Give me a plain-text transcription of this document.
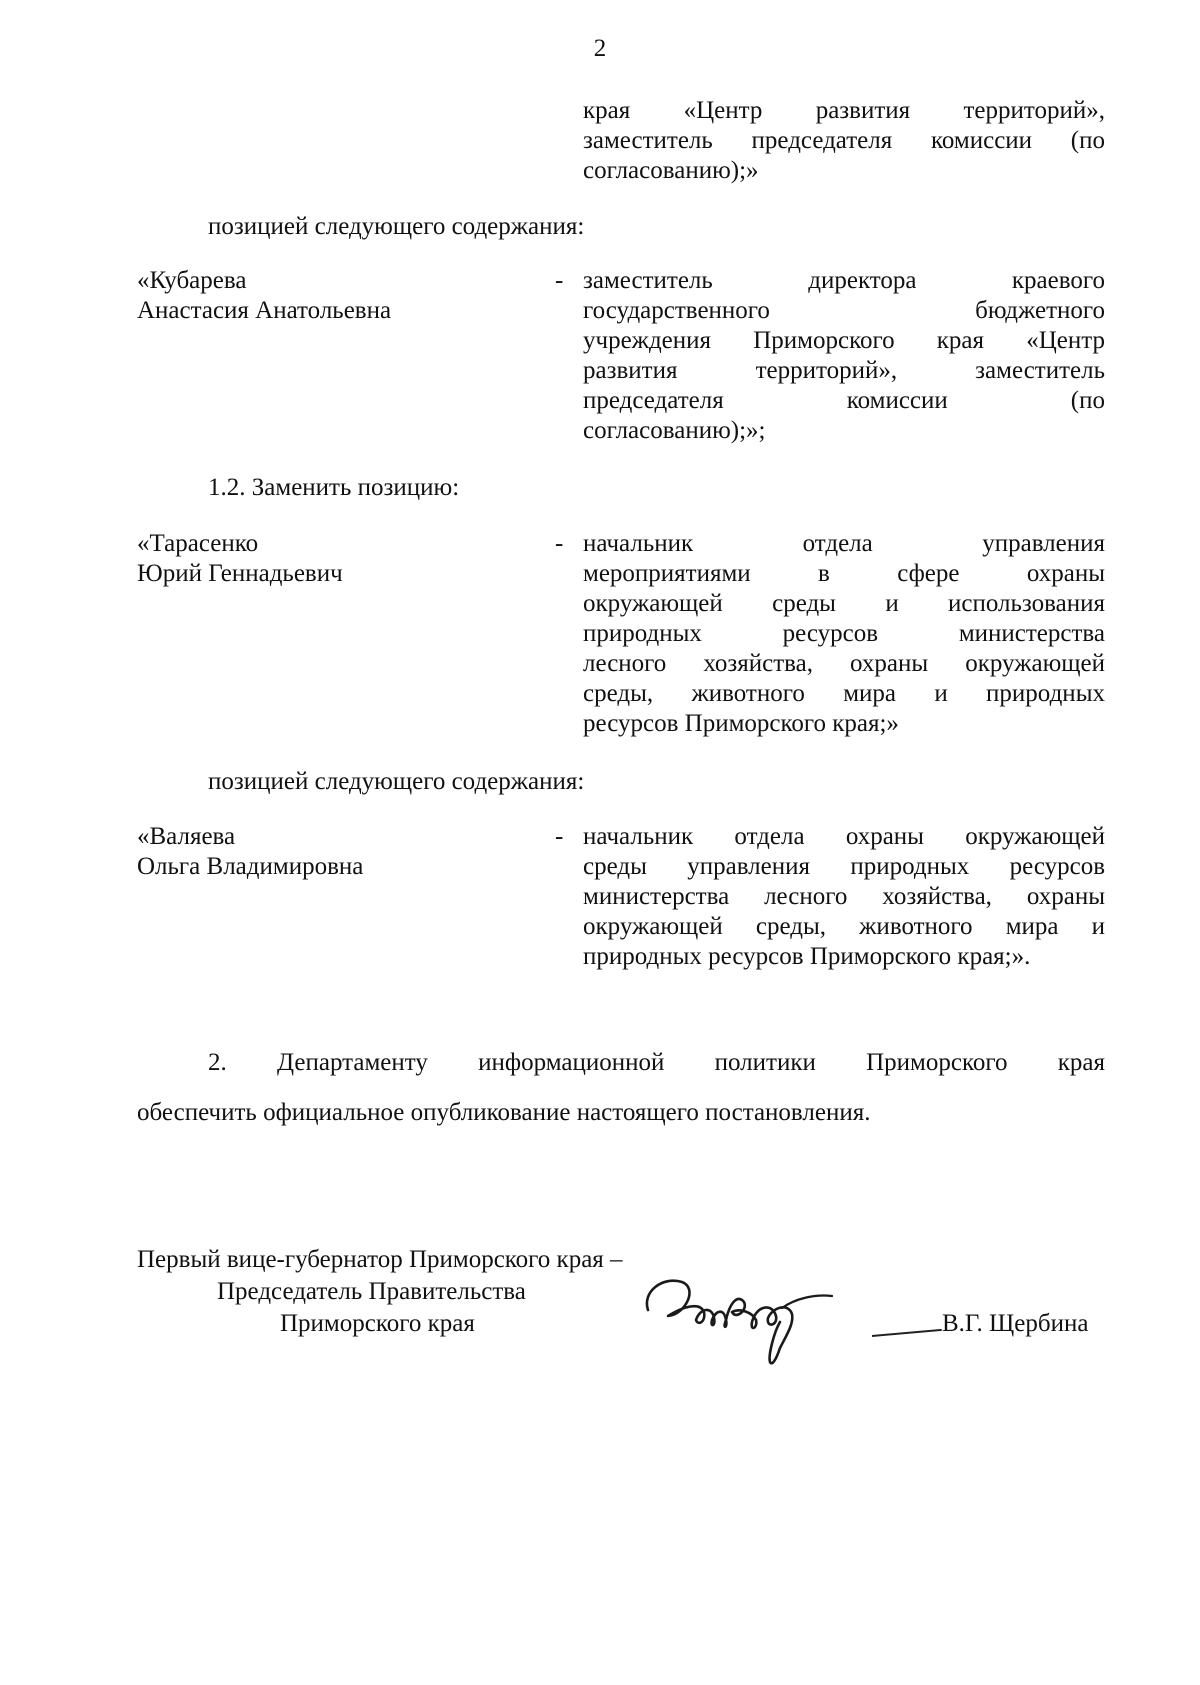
2
края «Центр развития территорий»,
заместитель председателя комиссии (по
согласованию);»
позицией следующего содержания:
«Кубарева
Анастасия Анатольевна
- заместитель директора краевого
государственного бюджетного
учреждения Приморского края «Центр
развития территорий», заместитель
председателя комиссии (по
согласованию);»;
1.2. Заменить позицию:
«Тарасенко
Юрий Геннадьевич
- начальник отдела управления
мероприятиями в сфере охраны
окружающей среды и использования
природных ресурсов министерства
лесного хозяйства, охраны окружающей
среды, животного мира и природных
ресурсов Приморского края;»
позицией следующего содержания:
«Валяева
Ольга Владимировна
- начальник отдела охраны окружающей
среды управления природных ресурсов
министерства лесного хозяйства, охраны
окружающей среды, животного мира и
природных ресурсов Приморского края;».
2. Департаменту информационной политики Приморского края
обеспечить официальное опубликование настоящего постановления.
Первый вице-губернатор Приморского края –
Председатель Правительства
Приморского края	В.Г. Щербина
